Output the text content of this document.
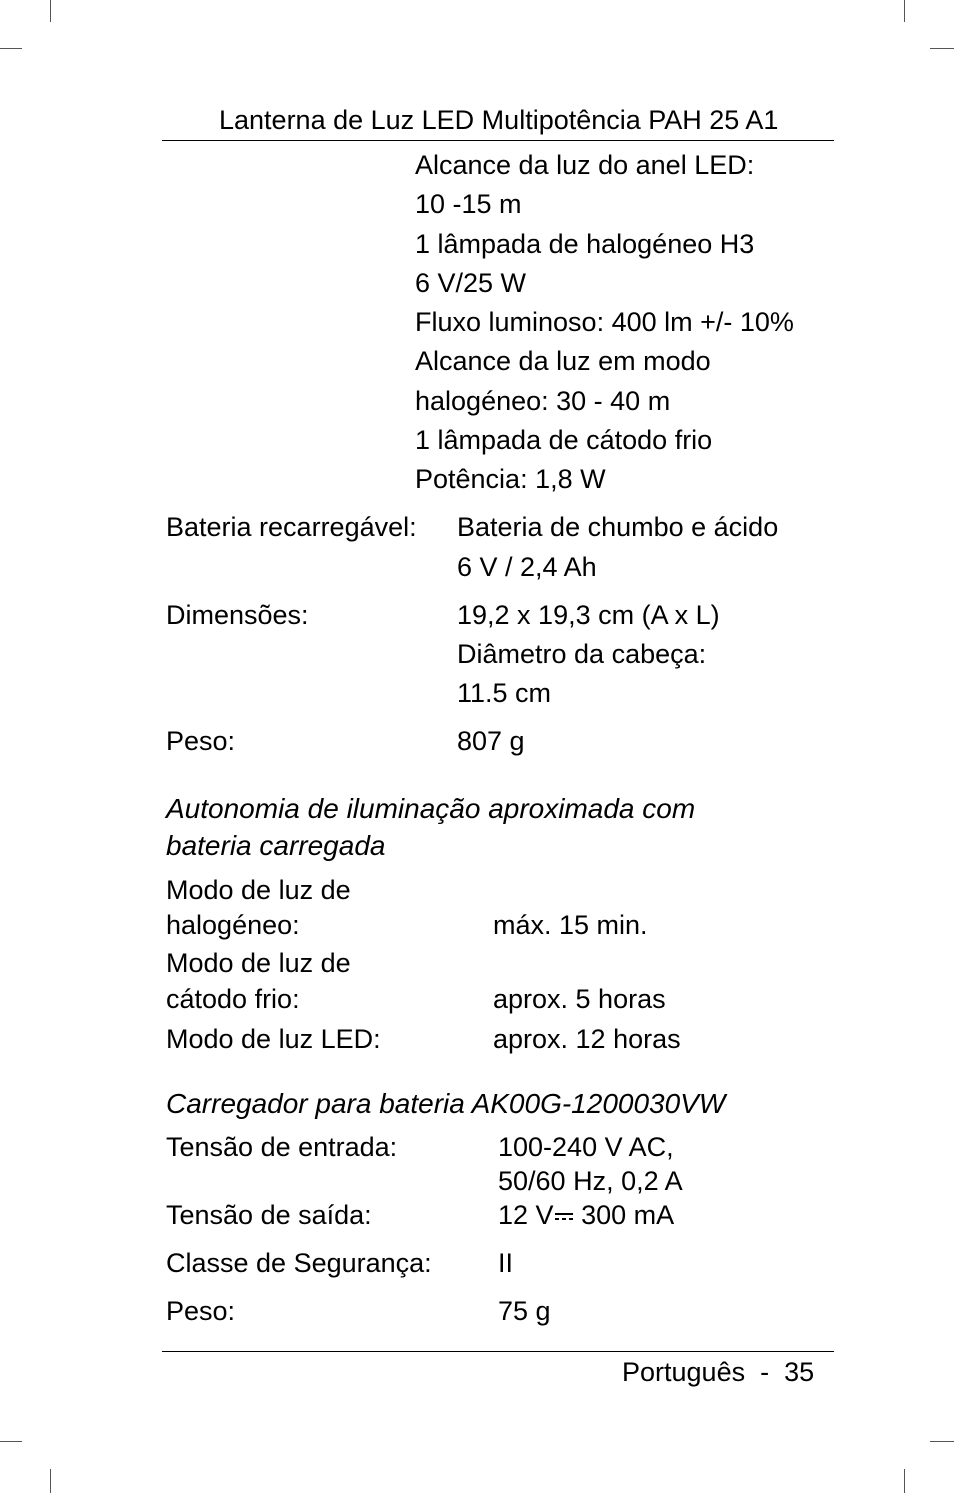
Lanterna de Luz LED Multipotência PAH 25 A1
Alcance da luz do anel LED:
10 -15 m
1 lâmpada de halogéneo H3
6 V/25 W
Fluxo luminoso: 400 lm +/- 10%
Alcance da luz em modo
halogéneo: 30 - 40 m
1 lâmpada de cátodo frio
Potência: 1,8 W
Bateria recarregável: Bateria de chumbo e ácido
6 V / 2,4 Ah
Dimensões:	19,2 x 19,3 cm (A x L)
Diâmetro da cabeça:
11.5 cm
Peso:	807 g
Autonomia de iluminação aproximada com
bateria carregada
Modo de luz de
halogéneo:	máx. 15 min.
Modo de luz de
cátodo frio:	aprox. 5 horas
Modo de luz LED:	aprox. 12 horas
Carregador para bateria AK00G-1200030VW
Tensão de entrada:	100-240 V AC,
50/60 Hz, 0,2 A
Tensão de saída:	12 V 300 mA
Classe de Segurança: II
Peso:	75 g
Português - 35
